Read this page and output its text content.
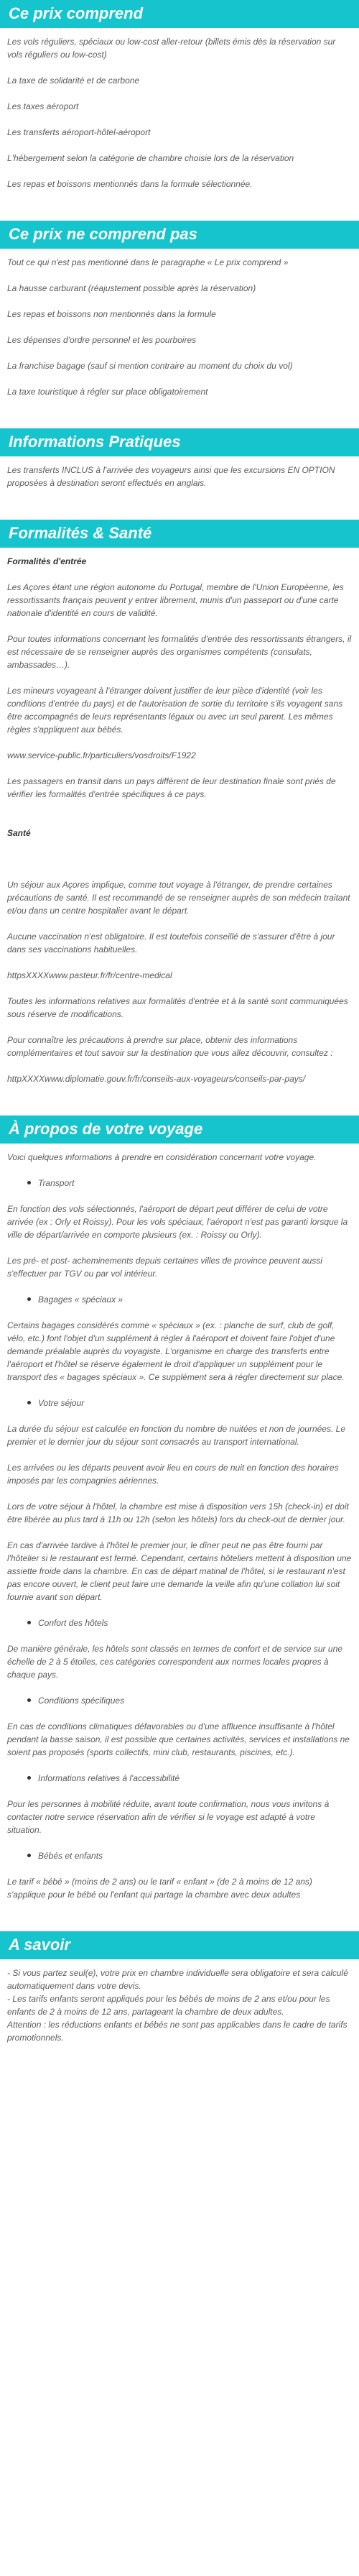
Ce prix comprend

Les vols réguliers, spéciaux ou low-cost aller-retour (billets émis dès la réservation sur vols réguliers ou low-cost)

La taxe de solidarité et de carbone

Les taxes aéroport

Les transferts aéroport-hôtel-aéroport

L'hébergement selon la catégorie de chambre choisie lors de la réservation

Les repas et boissons mentionnés dans la formule sélectionnée.

Ce prix ne comprend pas

Tout ce qui n'est pas mentionné dans le paragraphe « Le prix comprend »

La hausse carburant (réajustement possible après la réservation)

Les repas et boissons non mentionnés dans la formule

Les dépenses d'ordre personnel et les pourboires

La franchise bagage (sauf si mention contraire au moment du choix du vol)

La taxe touristique à régler sur place obligatoirement

Informations Pratiques

Les transferts INCLUS à l'arrivée des voyageurs ainsi que les excursions EN OPTION proposées à destination seront effectués en anglais.

Formalités & Santé

Formalités d'entrée

Les Açores étant une région autonome du Portugal, membre de l'Union Européenne, les ressortissants français peuvent y entrer librement, munis d'un passeport ou d'une carte nationale d'identité en cours de validité.

Pour toutes informations concernant les formalités d'entrée des ressortissants étrangers, il est nécessaire de se renseigner auprès des organismes compétents (consulats, ambassades…).

Les mineurs voyageant à l'étranger doivent justifier de leur pièce d'identité (voir les conditions d'entrée du pays) et de l'autorisation de sortie du territoire s'ils voyagent sans être accompagnés de leurs représentants légaux ou avec un seul parent. Les mêmes règles s'appliquent aux bébés.

www.service-public.fr/particuliers/vosdroits/F1922

Les passagers en transit dans un pays différent de leur destination finale sont priés de vérifier les formalités d'entrée spécifiques à ce pays.

Santé

Un séjour aux Açores implique, comme tout voyage à l'étranger, de prendre certaines précautions de santé. Il est recommandé de se renseigner auprès de son médecin traitant et/ou dans un centre hospitalier avant le départ.

Aucune vaccination n'est obligatoire. Il est toutefois conseillé de s'assurer d'être à jour dans ses vaccinations habituelles.

httpsXXXXwww.pasteur.fr/fr/centre-medical

Toutes les informations relatives aux formalités d'entrée et à la santé sont communiquées sous réserve de modifications.

Pour connaître les précautions à prendre sur place, obtenir des informations complémentaires et tout savoir sur la destination que vous allez découvrir, consultez :

httpXXXXwww.diplomatie.gouv.fr/fr/conseils-aux-voyageurs/conseils-par-pays/

À propos de votre voyage

Voici quelques informations à prendre en considération concernant votre voyage.

Transport

En fonction des vols sélectionnés, l'aéroport de départ peut différer de celui de votre arrivée (ex : Orly et Roissy). Pour les vols spéciaux, l'aéroport n'est pas garanti lorsque la ville de départ/arrivée en comporte plusieurs (ex. : Roissy ou Orly).

Les pré- et post- acheminements depuis certaines villes de province peuvent aussi s'effectuer par TGV ou par vol intérieur.

Bagages « spéciaux »

Certains bagages considérés comme « spéciaux » (ex. : planche de surf, club de golf, vélo, etc.) font l'objet d'un supplément à régler à l'aéroport et doivent faire l'objet d'une demande préalable auprès du voyagiste. L'organisme en charge des transferts entre l'aéroport et l'hôtel se réserve également le droit d'appliquer un supplément pour le transport des « bagages spéciaux ». Ce supplément sera à régler directement sur place.

Votre séjour

La durée du séjour est calculée en fonction du nombre de nuitées et non de journées. Le premier et le dernier jour du séjour sont consacrés au transport international.

Les arrivées ou les départs peuvent avoir lieu en cours de nuit en fonction des horaires imposés par les compagnies aériennes.

Lors de votre séjour à l'hôtel, la chambre est mise à disposition vers 15h (check-in) et doit être libérée au plus tard à 11h ou 12h (selon les hôtels) lors du check-out de dernier jour.

En cas d'arrivée tardive à l'hôtel le premier jour, le dîner peut ne pas être fourni par l'hôtelier si le restaurant est fermé. Cependant, certains hôteliers mettent à disposition une assiette froide dans la chambre. En cas de départ matinal de l'hôtel, si le restaurant n'est pas encore ouvert, le client peut faire une demande la veille afin qu'une collation lui soit fournie avant son départ.

Confort des hôtels

De manière générale, les hôtels sont classés en termes de confort et de service sur une échelle de 2 à 5 étoiles, ces catégories correspondent aux normes locales propres à chaque pays.

Conditions spécifiques

En cas de conditions climatiques défavorables ou d'une affluence insuffisante à l'hôtel pendant la basse saison, il est possible que certaines activités, services et installations ne soient pas proposés (sports collectifs, mini club, restaurants, piscines, etc.).

Informations relatives à l'accessibilité

Pour les personnes à mobilité réduite, avant toute confirmation, nous vous invitons à contacter notre service réservation afin de vérifier si le voyage est adapté à votre situation.

Bébés et enfants

Le tarif « bébé » (moins de 2 ans) ou le tarif « enfant » (de 2 à moins de 12 ans) s'applique pour le bébé ou l'enfant qui partage la chambre avec deux adultes

A savoir

- Si vous partez seul(e), votre prix en chambre individuelle sera obligatoire et sera calculé automatiquement dans votre devis.

- Les tarifs enfants seront appliqués pour les bébés de moins de 2 ans et/ou pour les enfants de 2 à moins de 12 ans, partageant la chambre de deux adultes.

Attention : les réductions enfants et bébés ne sont pas applicables dans le cadre de tarifs promotionnels.
